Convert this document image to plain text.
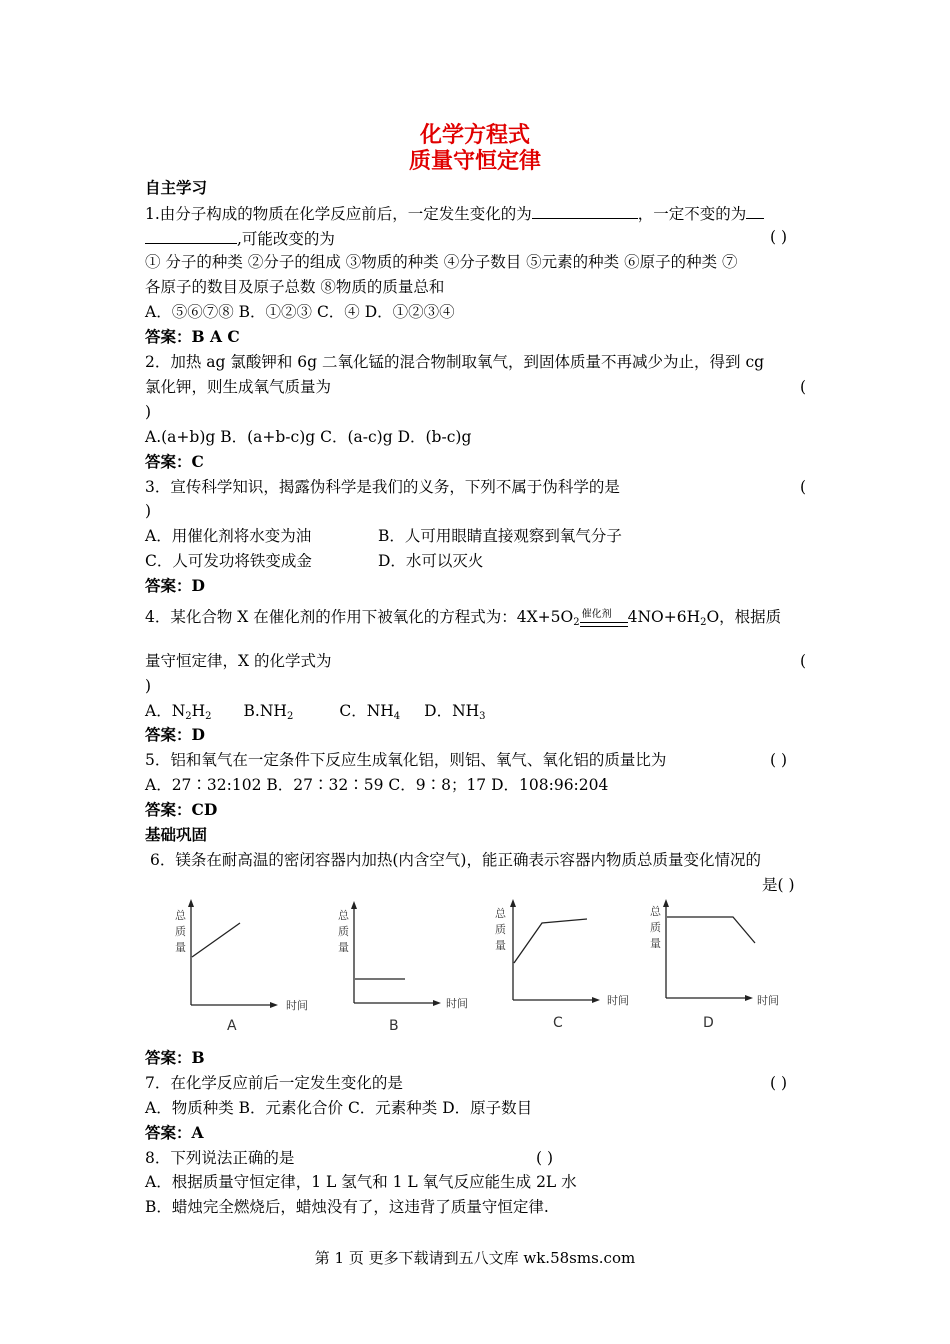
化学方程式
质量守恒定律
自主学习
1.由分子构成的物质在化学反应前后，一定发生变化的为	，一定不变的为
,可能改变的为	( )
① 分子的种类 ②分子的组成 ③物质的种类 ④分子数目 ⑤元素的种类 ⑥原子的种类 ⑦
各原子的数目及原子总数 ⑧物质的质量总和
A．⑤⑥⑦⑧ B．①②③ C．④ D．①②③④
答案：B A C
2．加热 ag 氯酸钾和 6g 二氧化锰的混合物制取氧气，到固体质量不再减少为止，得到 cg
氯化钾，则生成氧气质量为	(
)
A.(a+b)g B．(a+b-c)g C．(a-c)g D．(b-c)g
答案：C
3．宣传科学知识，揭露伪科学是我们的义务，下列不属于伪科学的是	(
)
A．用催化剂将水变为油	B．人可用眼睛直接观察到氧气分子
C．人可发功将铁变成金	D．水可以灭火
答案：D
4．某化合物 X 在催化剂的作用下被氧化的方程式为：$4X+5O_2$
催化剂 $4NO+6H_2O$，根据质
量守恒定律，X 的化学式为	(
)
A．$N_2H_2$ $B.NH_2$	C．$NH_4$ D．$NH_3$
答案：D
5．铝和氧气在一定条件下反应生成氧化铝，则铝、氧气、氧化铝的质量比为	( )
A．27∶32:102 B．27∶32∶59 C．9∶8；17 D．108:96:204
答案：CD
基础巩固
6．镁条在耐高温的密闭容器内加热(内含空气)，能正确表示容器内物质总质量变化情况的
是( )
总
质
量
A
时间
总
质
量
B
时间
总
质
量
C
时间
总
质
量
D
时间
答案：B
7．在化学反应前后一定发生变化的是	( )
A．物质种类 B．元素化合价 C．元素种类 D．原子数目
答案：A
8．下列说法正确的是	( )
A．根据质量守恒定律，1 L 氢气和 1 L 氧气反应能生成 2L 水
B．蜡烛完全燃烧后，蜡烛没有了，这违背了质量守恒定律.
第 1 页 更多下载请到五八文库 wk.58sms.com
